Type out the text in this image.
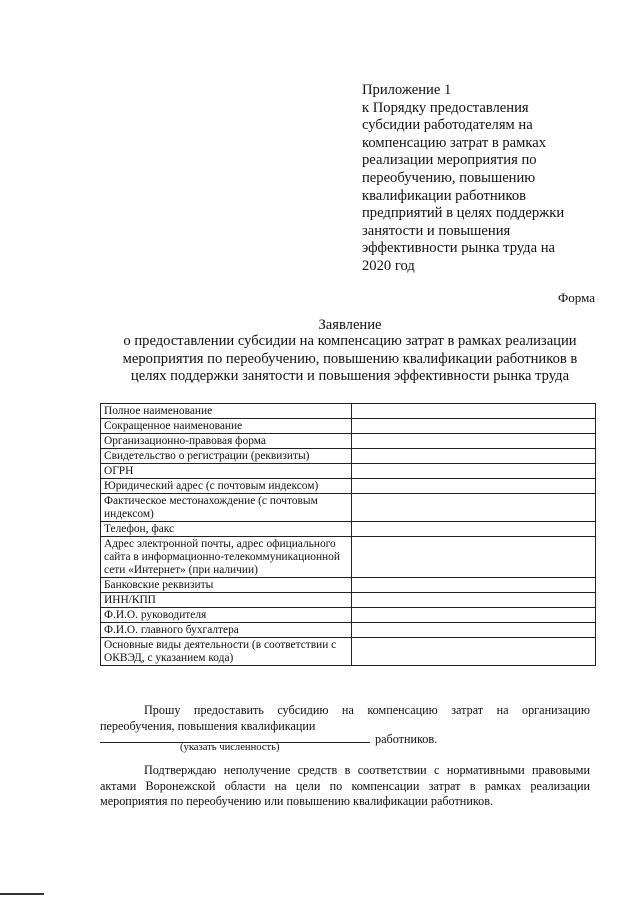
Приложение 1
к Порядку предоставления
субсидии работодателям на
компенсацию затрат в рамках
реализации мероприятия по
переобучению, повышению
квалификации работников
предприятий в целях поддержки
занятости и повышения
эффективности рынка труда на
2020 год
Форма
Заявление
о предоставлении субсидии на компенсацию затрат в рамках реализации
мероприятия по переобучению, повышению квалификации работников в
целях поддержки занятости и повышения эффективности рынка труда
Полное наименование	
Сокращенное наименование	
Организационно-правовая форма	
Свидетельство о регистрации (реквизиты)	
ОГРН	
Юридический адрес (с почтовым индексом)	
Фактическое местонахождение (с почтовым индексом)	
Телефон, факс	
Адрес электронной почты, адрес официального сайта в информационно-телекоммуникационной сети «Интернет» (при наличии)	
Банковские реквизиты	
ИНН/КПП	
Ф.И.О. руководителя	
Ф.И.О. главного бухгалтера	
Основные виды деятельности (в соответствии с ОКВЭД, с указанием кода)	
Прошу предоставить субсидию на компенсацию затрат на организацию
переобучения, повышения квалификации
работников.
(указать численность)
Подтверждаю неполучение средств в соответствии с нормативными правовыми
актами Воронежской области на цели по компенсации затрат в рамках реализации
мероприятия по переобучению или повышению квалификации работников.
